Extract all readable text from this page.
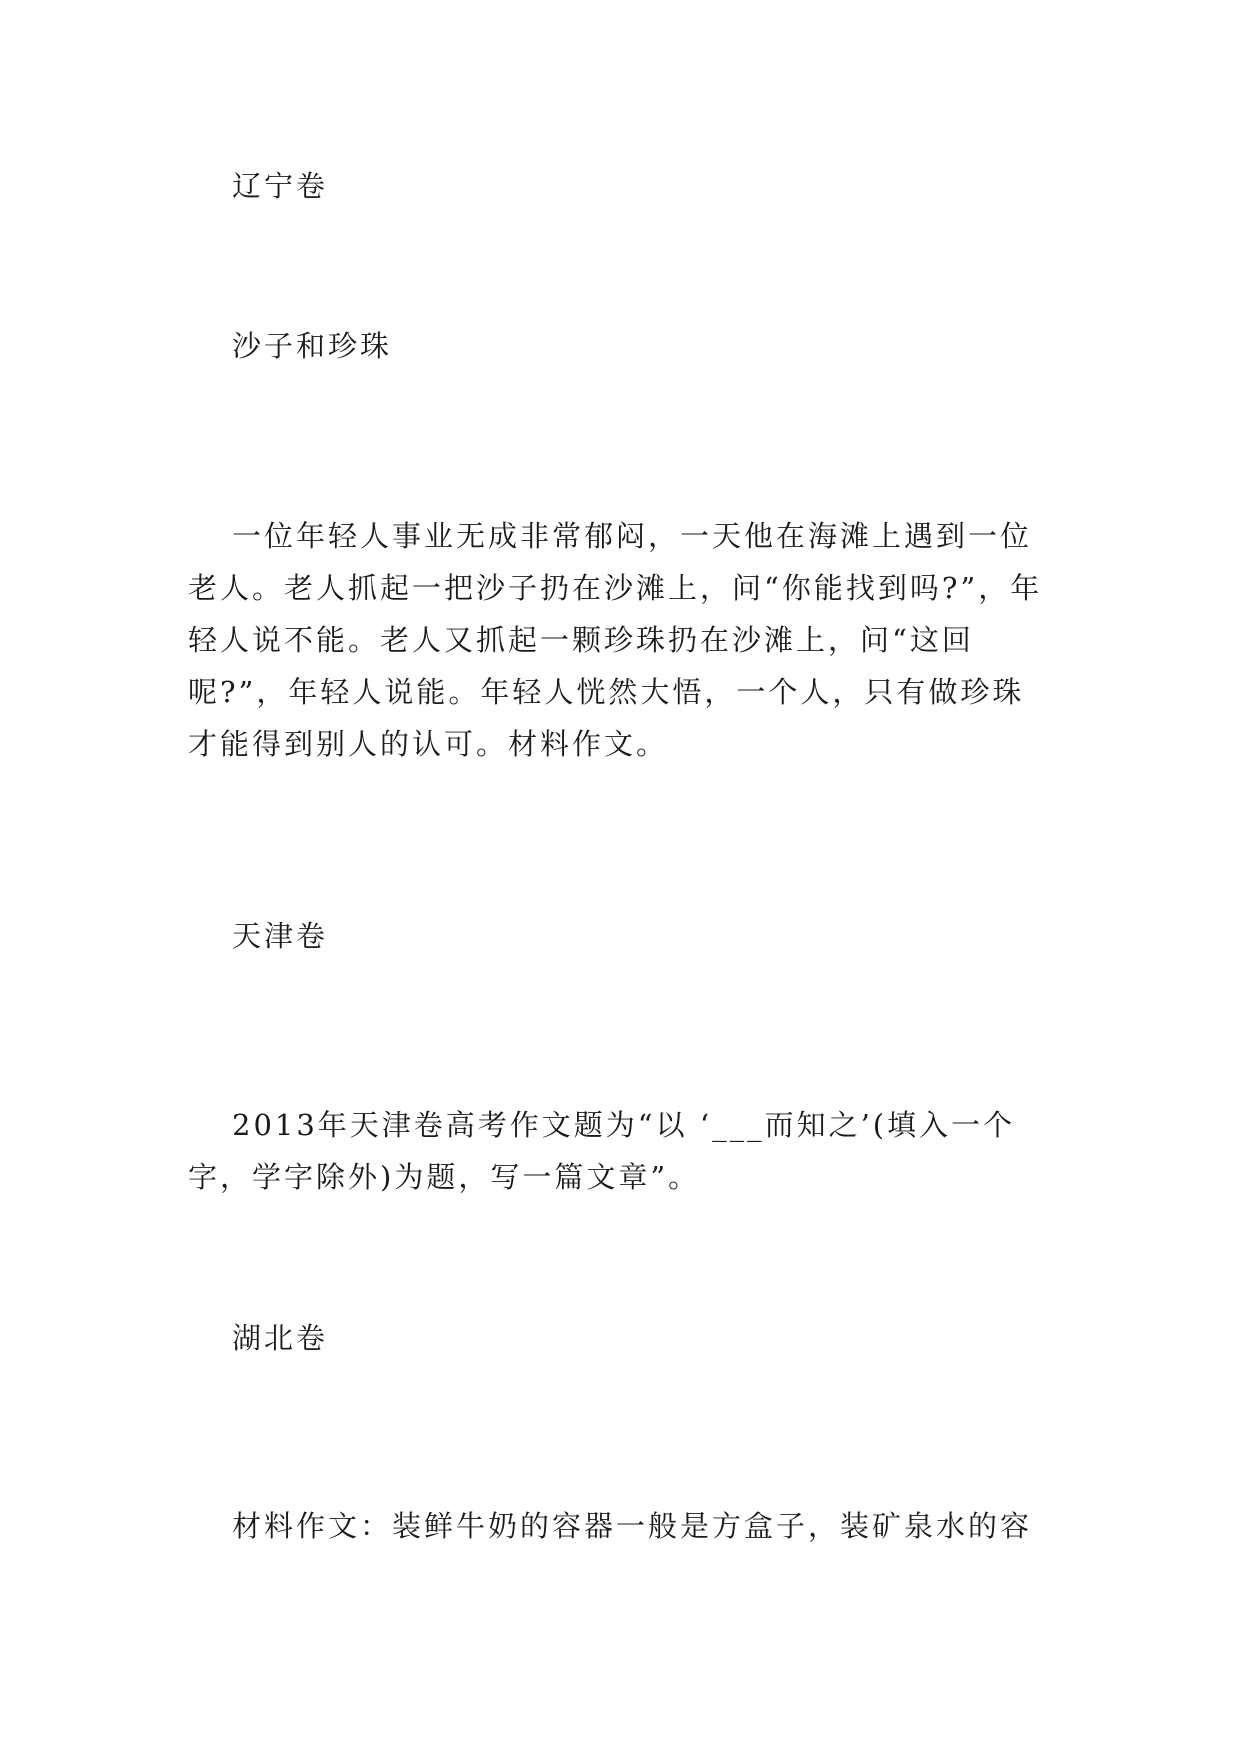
辽宁卷
沙子和珍珠
一位年轻人事业无成非常郁闷，一天他在海滩上遇到一位老人。老人抓起一把沙子扔在沙滩上，问“你能找到吗?”，年轻人说不能。老人又抓起一颗珍珠扔在沙滩上，问“这回呢?”，年轻人说能。年轻人恍然大悟，一个人，只有做珍珠才能得到别人的认可。材料作文。
天津卷
2013年天津卷高考作文题为“以 ‘___而知之’(填入一个字，学字除外)为题，写一篇文章”。
湖北卷
材料作文：装鲜牛奶的容器一般是方盒子，装矿泉水的容
